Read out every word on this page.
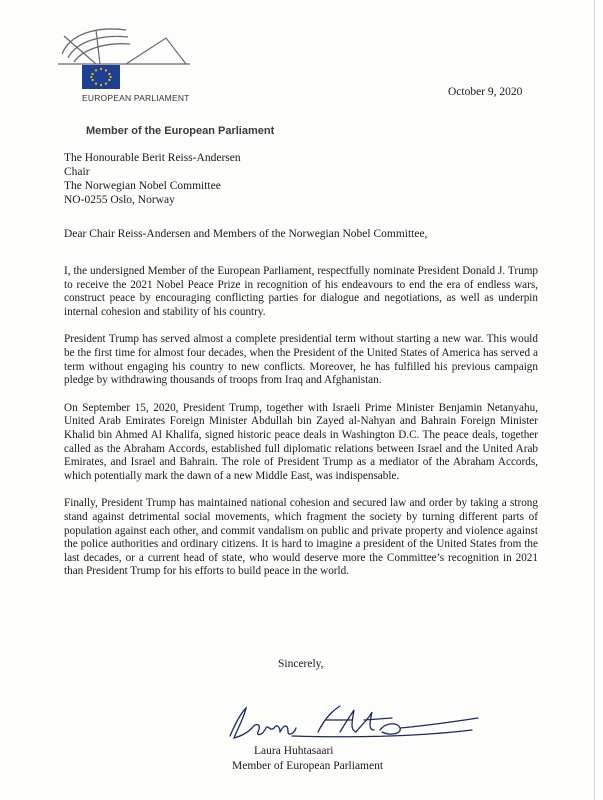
EUROPEAN PARLIAMENT	October 9, 2020
Member of the European Parliament
The Honourable Berit Reiss-Andersen
Chair
The Norwegian Nobel Committee
NO-0255 Oslo, Norway
Dear Chair Reiss-Andersen and Members of the Norwegian Nobel Committee,

I, the undersigned Member of the European Parliament, respectfully nominate President Donald J. Trump to receive the 2021 Nobel Peace Prize in recognition of his endeavours to end the era of endless wars, construct peace by encouraging conflicting parties for dialogue and negotiations, as well as underpin internal cohesion and stability of his country.

President Trump has served almost a complete presidential term without starting a new war. This would be the first time for almost four decades, when the President of the United States of America has served a term without engaging his country to new conflicts. Moreover, he has fulfilled his previous campaign pledge by withdrawing thousands of troops from Iraq and Afghanistan.

On September 15, 2020, President Trump, together with Israeli Prime Minister Benjamin Netanyahu, United Arab Emirates Foreign Minister Abdullah bin Zayed al-Nahyan and Bahrain Foreign Minister Khalid bin Ahmed Al Khalifa, signed historic peace deals in Washington D.C. The peace deals, together called as the Abraham Accords, established full diplomatic relations between Israel and the United Arab Emirates, and Israel and Bahrain. The role of President Trump as a mediator of the Abraham Accords, which potentially mark the dawn of a new Middle East, was indispensable.

Finally, President Trump has maintained national cohesion and secured law and order by taking a strong stand against detrimental social movements, which fragment the society by turning different parts of population against each other, and commit vandalism on public and private property and violence against the police authorities and ordinary citizens. It is hard to imagine a president of the United States from the last decades, or a current head of state, who would deserve more the Committee’s recognition in 2021 than President Trump for his efforts to build peace in the world.

Sincerely,
Laura Huhtasaari
Member of European Parliament
